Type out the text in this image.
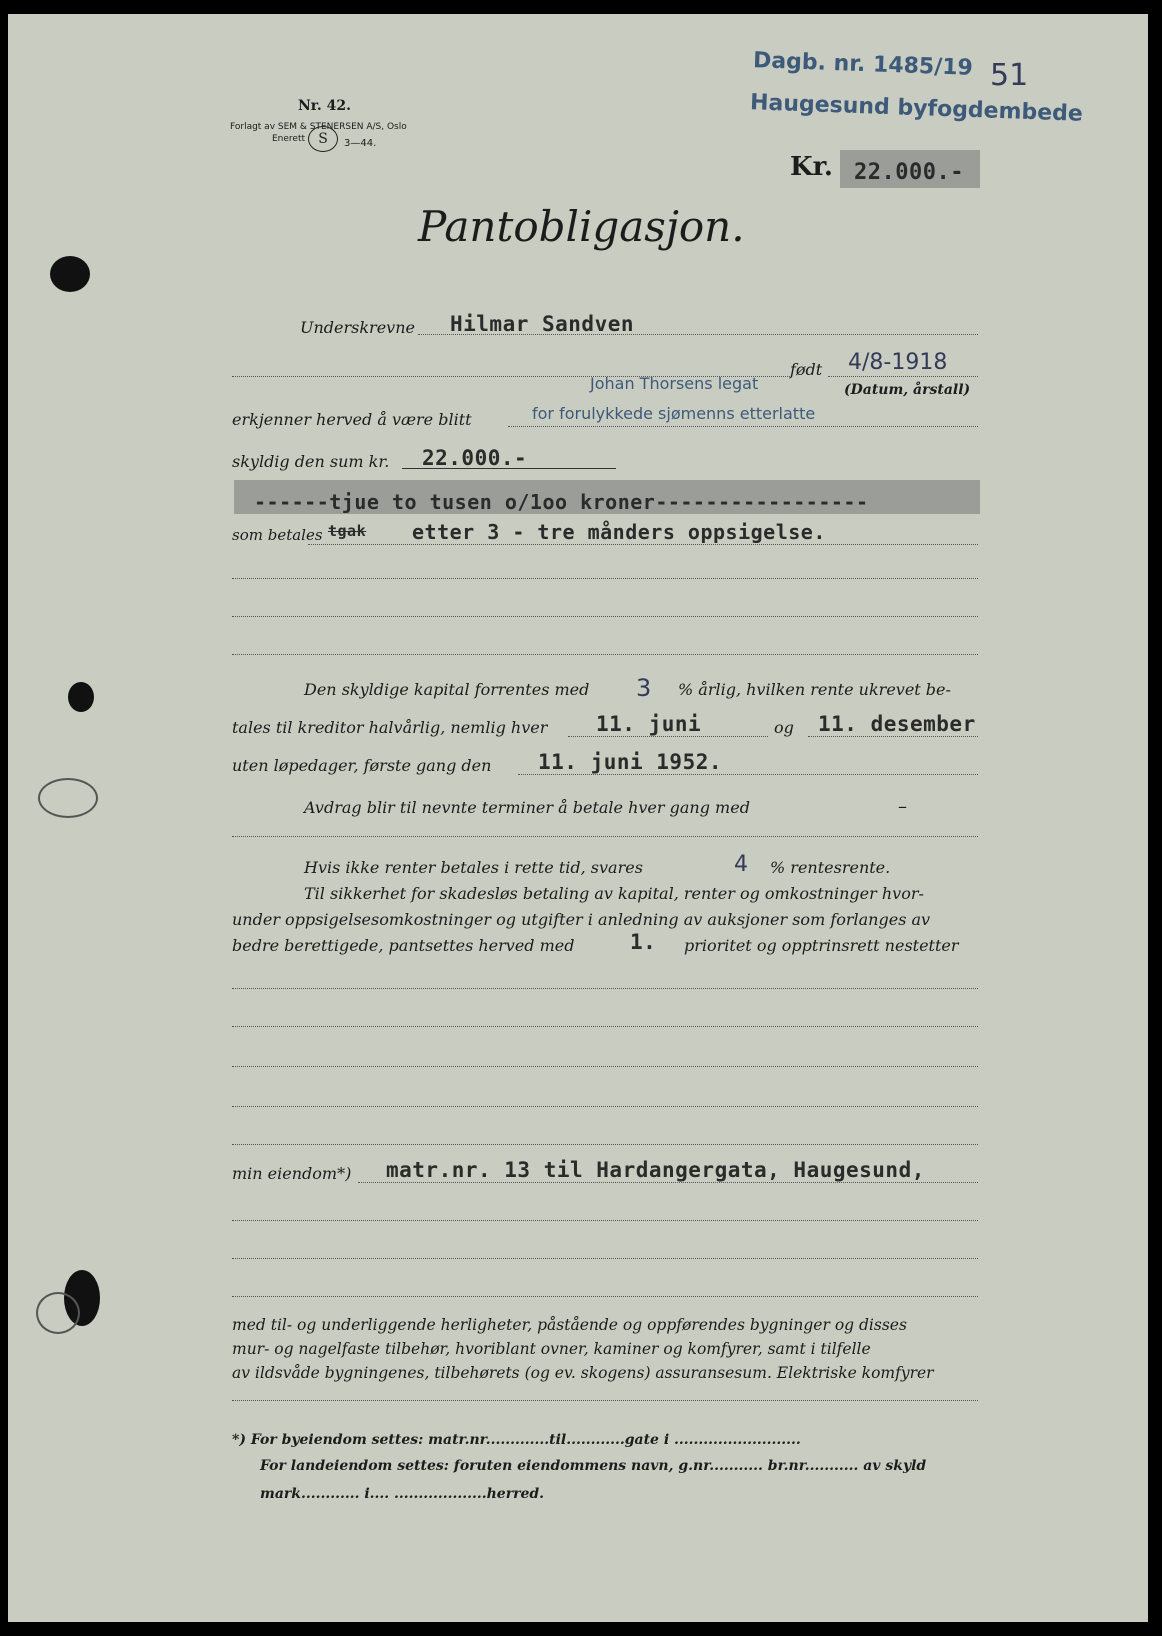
Nr. 42.
Forlagt av SEM & STENERSEN A/S, Oslo
Enerett S	3—44.
Dagb. nr. 1485/19 51
Haugesund byfogdembede
Kr. 22.000.-
Pantobligasjon.
Underskrevne Hilmar Sandven
født 4/8-1918
(Datum, årstall)
Johan Thorsens legat
erkjenner herved å være blitt	for forulykkede sjømenns etterlatte
skyldig den sum kr. 22.000.-
------tjue to tusen o/1oo kroner-----------------
som betales tgak etter 3 - tre månders oppsigelse.
Den skyldige kapital forrentes med 3 % årlig, hvilken rente ukrevet be-
tales til kreditor halvårlig, nemlig hver 11. juni	og 11. desember
uten løpedager, første gang den 11. juni 1952.
Avdrag blir til nevnte terminer å betale hver gang med	–
Hvis ikke renter betales i rette tid, svares	4 % rentesrente.
Til sikkerhet for skadesløs betaling av kapital, renter og omkostninger hvor-
under oppsigelsesomkostninger og utgifter i anledning av auksjoner som forlanges av
bedre berettigede, pantsettes herved med	1. prioritet og opptrinsrett nestetter
min eiendom*) matr.nr. 13 til Hardangergata, Haugesund,
med til- og underliggende herligheter, påstående og oppførendes bygninger og disses
mur- og nagelfaste tilbehør, hvoriblant ovner, kaminer og komfyrer, samt i tilfelle
av ildsvåde bygningenes, tilbehørets (og ev. skogens) assuransesum. Elektriske komfyrer
*) For byeiendom settes: matr.nr.............til............gate i ..........................
For landeiendom settes: foruten eiendommens navn, g.nr........... br.nr........... av skyld
mark............ i.... ...................herred.
